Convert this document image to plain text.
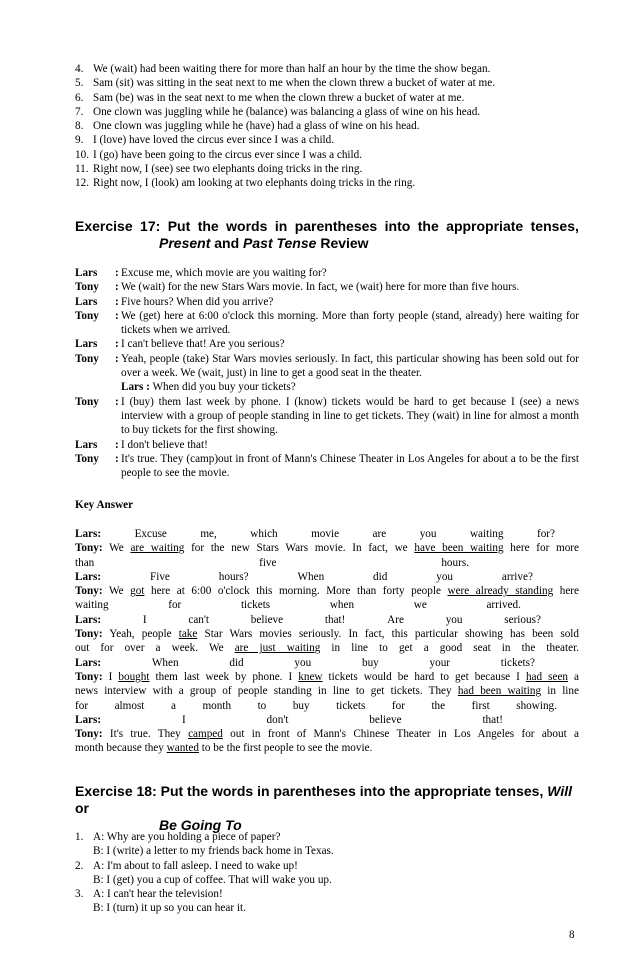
4. We (wait) had been waiting there for more than half an hour by the time the show began.
5. Sam (sit) was sitting in the seat next to me when the clown threw a bucket of water at me.
6. Sam (be) was in the seat next to me when the clown threw a bucket of water at me.
7. One clown was juggling while he (balance) was balancing a glass of wine on his head.
8. One clown was juggling while he (have) had a glass of wine on his head.
9. I (love) have loved the circus ever since I was a child.
10. I (go) have been going to the circus ever since I was a child.
11. Right now, I (see) see two elephants doing tricks in the ring.
12. Right now, I (look) am looking at two elephants doing tricks in the ring.
Exercise 17: Put the words in parentheses into the appropriate tenses,
Present and Past Tense Review
Lars	: Excuse me, which movie are you waiting for?
Tony	: We (wait) for the new Stars Wars movie. In fact, we (wait) here for more than five hours.
Lars	: Five hours? When did you arrive?
Tony	: We (get) here at 6:00 o'clock this morning. More than forty people (stand, already) here waiting for tickets when we arrived.
Lars	: I can't believe that! Are you serious?
Tony	: Yeah, people (take) Star Wars movies seriously. In fact, this particular showing has been sold out for over a week. We (wait, just) in line to get a good seat in the theater.
Lars : When did you buy your tickets?
Tony	: I (buy) them last week by phone. I (know) tickets would be hard to get because I (see) a news interview with a group of people standing in line to get tickets. They (wait) in line for almost a month to buy tickets for the first showing.
Lars	: I don't believe that!
Tony	: It's true. They (camp)out in front of Mann's Chinese Theater in Los Angeles for about a to be the first people to see the movie.
Key Answer
Lars:	Excuse	me,	which	movie	are	you	waiting	for?
Tony: We are waiting for the new Stars Wars movie. In fact, we have been waiting here for more
than	five	hours.
Lars:	Five	hours?	When	did	you	arrive?
Tony: We got here at 6:00 o'clock this morning. More than forty people were already standing here
waiting	for	tickets	when	we	arrived.
Lars:	I	can't	believe	that!	Are	you	serious?
Tony: Yeah, people take Star Wars movies seriously. In fact, this particular showing has been sold
out for over a week. We are just waiting in line to get a good seat in the theater.
Lars:	When	did	you	buy	your	tickets?
Tony: I bought them last week by phone. I knew tickets would be hard to get because I had seen a
news interview with a group of people standing in line to get tickets. They had been waiting in line
for almost a month to buy tickets for the first showing.
Lars:	I	don't	believe	that!
Tony: It's true. They camped out in front of Mann's Chinese Theater in Los Angeles for about a
month because they wanted to be the first people to see the movie.
Exercise 18: Put the words in parentheses into the appropriate tenses, Will or
Be Going To
1. A: Why are you holding a piece of paper?
B: I (write) a letter to my friends back home in Texas.
2. A: I'm about to fall asleep. I need to wake up!
B: I (get) you a cup of coffee. That will wake you up.
3. A: I can't hear the television!
B: I (turn) it up so you can hear it.
8
